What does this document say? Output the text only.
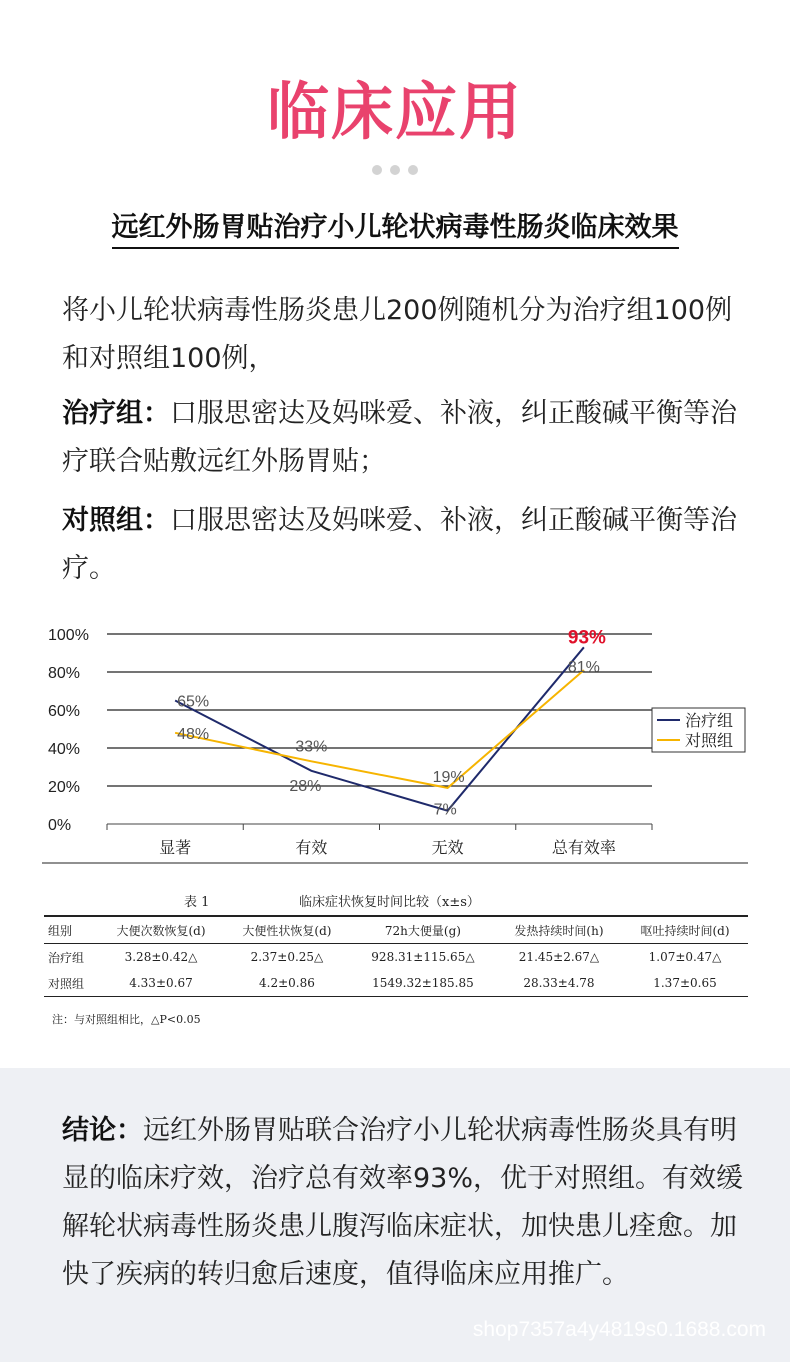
临床应用
远红外肠胃贴治疗小儿轮状病毒性肠炎临床效果
将小儿轮状病毒性肠炎患儿200例随机分为治疗组100例和对照组100例，
治疗组：口服思密达及妈咪爱、补液，纠正酸碱平衡等治疗联合贴敷远红外肠胃贴；
对照组：口服思密达及妈咪爱、补液，纠正酸碱平衡等治疗。
0%
20%
40%
60%
80%
100%
显著	有效	无效	总有效率
65%
28%
7%
93%
48%
33%
19%
81%
治疗组
对照组
表 1	临床症状恢复时间比较（x±s）
组别	大便次数恢复(d)	大便性状恢复(d)	72h大便量(g)	发热持续时间(h)	呕吐持续时间(d)
治疗组	3.28±0.42△	2.37±0.25△	928.31±115.65△	21.45±2.67△	1.07±0.47△
对照组	4.33±0.67	4.2±0.86	1549.32±185.85	28.33±4.78	1.37±0.65
注：与对照组相比，△P<0.05
结论：远红外肠胃贴联合治疗小儿轮状病毒性肠炎具有明显的临床疗效，治疗总有效率93%，优于对照组。有效缓解轮状病毒性肠炎患儿腹泻临床症状，加快患儿痊愈。加快了疾病的转归愈后速度，值得临床应用推广。
shop7357a4y4819s0.1688.com
